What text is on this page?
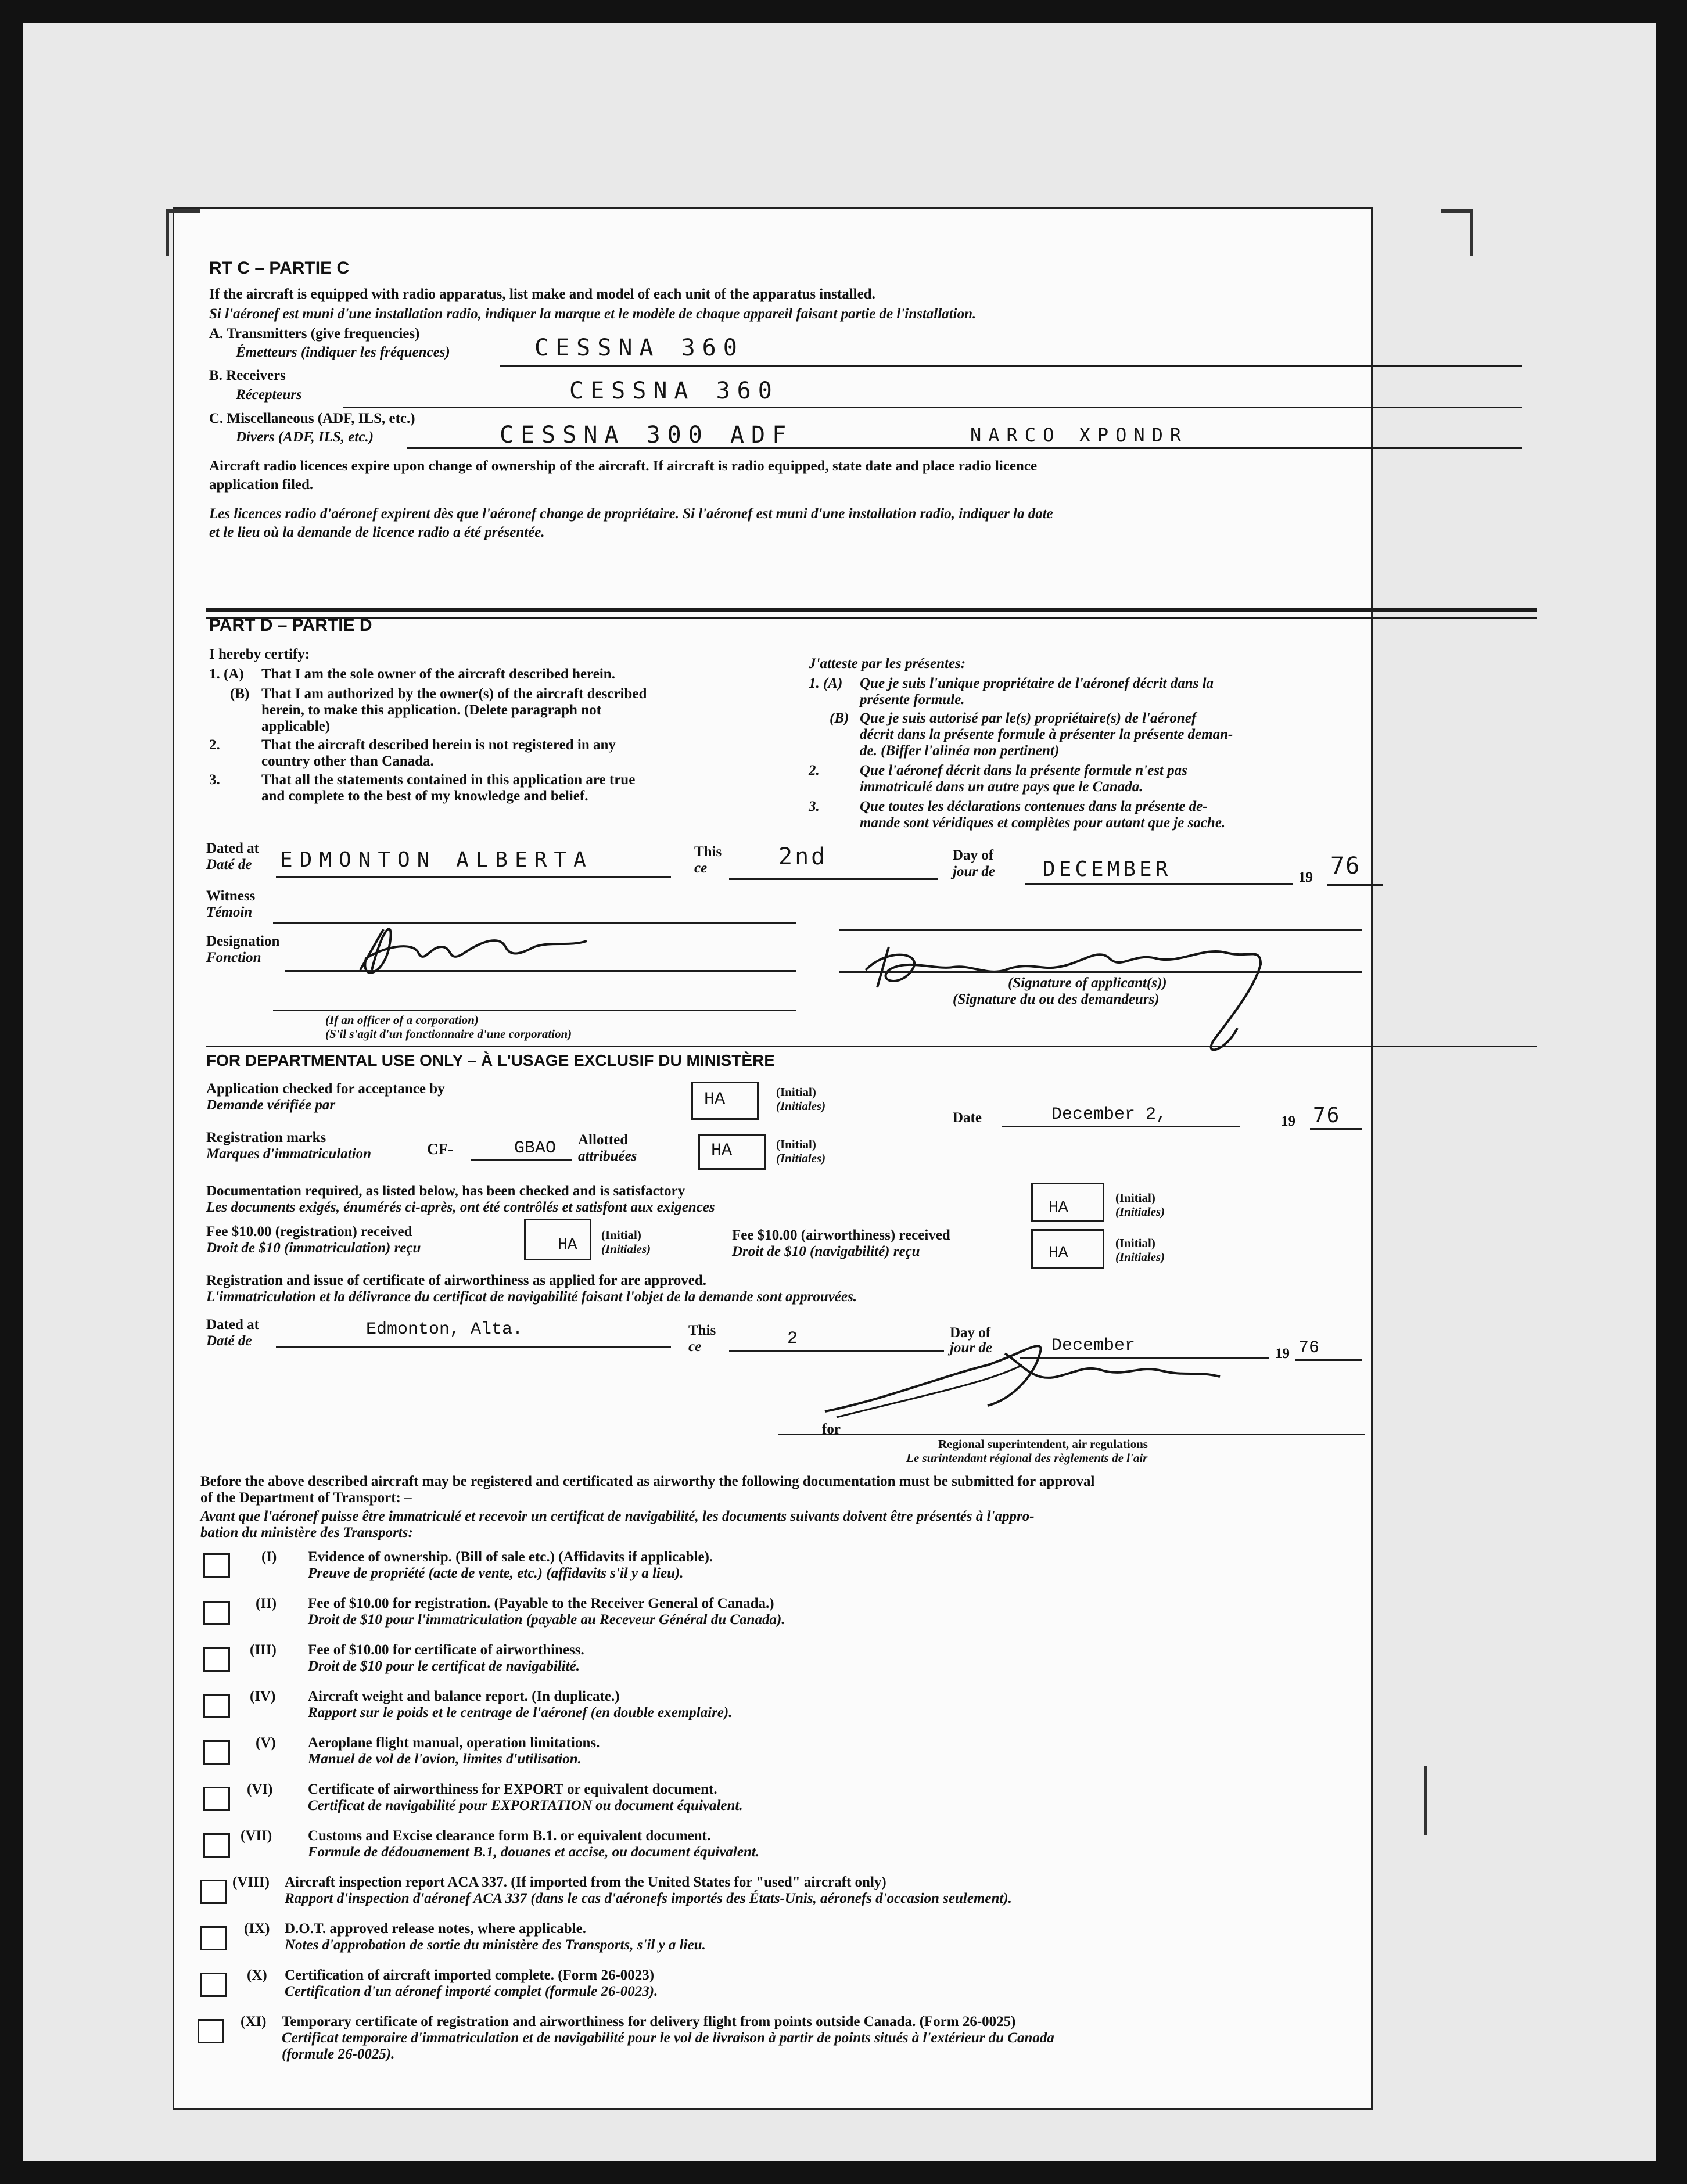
RT C – PARTIE C
If the aircraft is equipped with radio apparatus, list make and model of each unit of the apparatus installed.
Si l'aéronef est muni d'une installation radio, indiquer la marque et le modèle de chaque appareil faisant partie de l'installation.
A. Transmitters (give frequencies)
Émetteurs (indiquer les fréquences)	CESSNA 360
B. Receivers
Récepteurs	CESSNA 360
C. Miscellaneous (ADF, ILS, etc.)
Divers (ADF, ILS, etc.)	CESSNA 300 ADF	NARCO XPONDR
Aircraft radio licences expire upon change of ownership of the aircraft. If aircraft is radio equipped, state date and place radio licence
application filed.
Les licences radio d'aéronef expirent dès que l'aéronef change de propriétaire. Si l'aéronef est muni d'une installation radio, indiquer la date
et le lieu où la demande de licence radio a été présentée.
PART D – PARTIE D
I hereby certify:
1. (A) That I am the sole owner of the aircraft described herein.
(B) That I am authorized by the owner(s) of the aircraft described
herein, to make this application. (Delete paragraph not
applicable)
2.	That the aircraft described herein is not registered in any
country other than Canada.
3.	That all the statements contained in this application are true
and complete to the best of my knowledge and belief.
J'atteste par les présentes:
1. (A) Que je suis l'unique propriétaire de l'aéronef décrit dans la
présente formule.
(B) Que je suis autorisé par le(s) propriétaire(s) de l'aéronef
décrit dans la présente formule à présenter la présente deman-
de. (Biffer l'alinéa non pertinent)
2.	Que l'aéronef décrit dans la présente formule n'est pas
immatriculé dans un autre pays que le Canada.
3.	Que toutes les déclarations contenues dans la présente de-
mande sont véridiques et complètes pour autant que je sache.
Dated at
Daté de EDMONTON ALBERTA	This
ce	2nd	Day of
jour de DECEMBER	19 76
Witness
Témoin
Designation
Fonction
(Signature of applicant(s))
(Signature du ou des demandeurs)
(If an officer of a corporation)
(S'il s'agit d'un fonctionnaire d'une corporation)
FOR DEPARTMENTAL USE ONLY – À L'USAGE EXCLUSIF DU MINISTÈRE
Application checked for acceptance by
Demande vérifiée par	HA	(Initial)
(Initiales)
Date	December 2,	19 76
Registration marks
Marques d'immatriculation	CF-	GBAO Allotted
attribuées	HA	(Initial)
(Initiales)
Documentation required, as listed below, has been checked and is satisfactory
Les documents exigés, énumérés ci-après, ont été contrôlés et satisfont aux exigences	HA
(Initial)
(Initiales)
Fee $10.00 (registration) received
Droit de $10 (immatriculation) reçu	HA
(Initial)
(Initiales)
Fee $10.00 (airworthiness) received
Droit de $10 (navigabilité) reçu	HA
(Initial)
(Initiales)
Registration and issue of certificate of airworthiness as applied for are approved.
L'immatriculation et la délivrance du certificat de navigabilité faisant l'objet de la demande sont approuvées.
Dated at
Daté de
Edmonton, Alta.	This
ce	2	Day of
jour de	December	19 76
for
Regional superintendent, air regulations
Le surintendant régional des règlements de l'air
Before the above described aircraft may be registered and certificated as airworthy the following documentation must be submitted for approval
of the Department of Transport: –
Avant que l'aéronef puisse être immatriculé et recevoir un certificat de navigabilité, les documents suivants doivent être présentés à l'appro-
bation du ministère des Transports:
(I) Evidence of ownership. (Bill of sale etc.) (Affidavits if applicable).
Preuve de propriété (acte de vente, etc.) (affidavits s'il y a lieu).
(II) Fee of $10.00 for registration. (Payable to the Receiver General of Canada.)
Droit de $10 pour l'immatriculation (payable au Receveur Général du Canada).
(III) Fee of $10.00 for certificate of airworthiness.
Droit de $10 pour le certificat de navigabilité.
(IV) Aircraft weight and balance report. (In duplicate.)
Rapport sur le poids et le centrage de l'aéronef (en double exemplaire).
(V) Aeroplane flight manual, operation limitations.
Manuel de vol de l'avion, limites d'utilisation.
(VI) Certificate of airworthiness for EXPORT or equivalent document.
Certificat de navigabilité pour EXPORTATION ou document équivalent.
(VII) Customs and Excise clearance form B.1. or equivalent document.
Formule de dédouanement B.1, douanes et accise, ou document équivalent.
(VIII) Aircraft inspection report ACA 337. (If imported from the United States for "used" aircraft only)
Rapport d'inspection d'aéronef ACA 337 (dans le cas d'aéronefs importés des États-Unis, aéronefs d'occasion seulement).
(IX) D.O.T. approved release notes, where applicable.
Notes d'approbation de sortie du ministère des Transports, s'il y a lieu.
(X) Certification of aircraft imported complete. (Form 26-0023)
Certification d'un aéronef importé complet (formule 26-0023).
(XI) Temporary certificate of registration and airworthiness for delivery flight from points outside Canada. (Form 26-0025)
Certificat temporaire d'immatriculation et de navigabilité pour le vol de livraison à partir de points situés à l'extérieur du Canada
(formule 26-0025).
